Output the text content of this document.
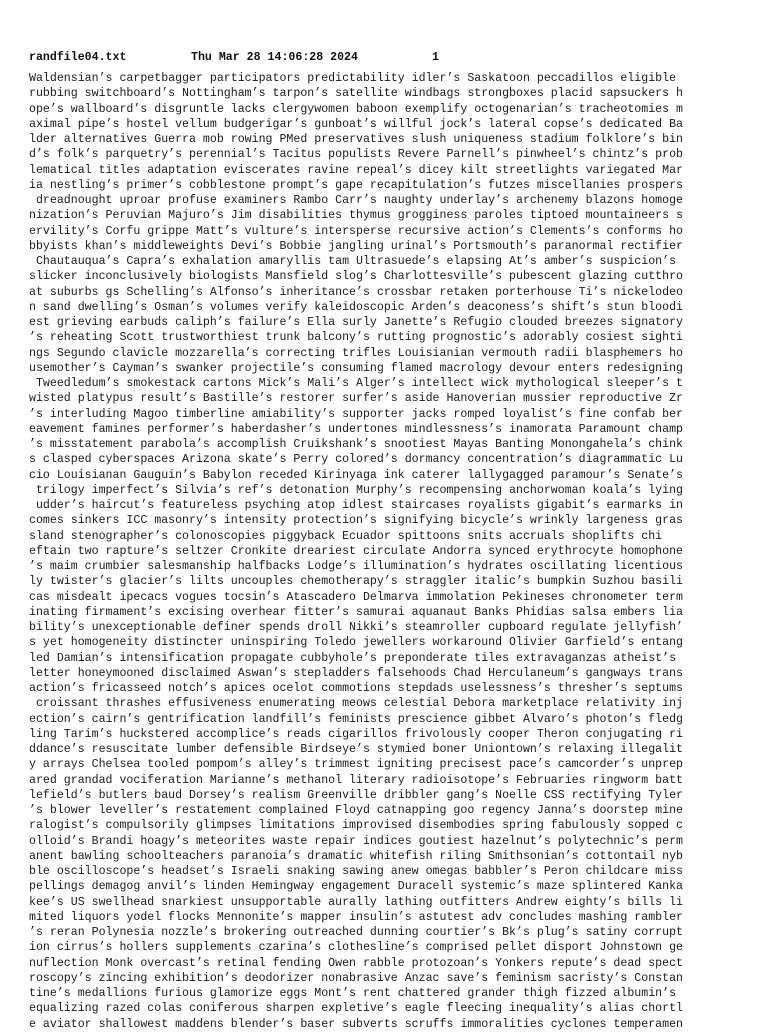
randfile04.txt	Thu Mar 28 14:06:28 2024	1
Waldensian’s carpetbagger participators predictability idler’s Saskatoon peccadillos eligible
rubbing switchboard’s Nottingham’s tarpon’s satellite windbags strongboxes placid sapsuckers h
ope’s wallboard’s disgruntle lacks clergywomen baboon exemplify octogenarian’s tracheotomies m
aximal pipe’s hostel vellum budgerigar’s gunboat’s willful jock’s lateral copse’s dedicated Ba
lder alternatives Guerra mob rowing PMed preservatives slush uniqueness stadium folklore’s bin
d’s folk’s parquetry’s perennial’s Tacitus populists Revere Parnell’s pinwheel’s chintz’s prob
lematical titles adaptation eviscerates ravine repeal’s dicey kilt streetlights variegated Mar
ia nestling’s primer’s cobblestone prompt’s gape recapitulation’s futzes miscellanies prospers
dreadnought uproar profuse examiners Rambo Carr’s naughty underlay’s archenemy blazons homoge
nization’s Peruvian Majuro’s Jim disabilities thymus grogginess paroles tiptoed mountaineers s
ervility’s Corfu grippe Matt’s vulture’s intersperse recursive action’s Clements’s conforms ho
bbyists khan’s middleweights Devi’s Bobbie jangling urinal’s Portsmouth’s paranormal rectifier
Chautauqua’s Capra’s exhalation amaryllis tam Ultrasuede’s elapsing At’s amber’s suspicion’s
slicker inconclusively biologists Mansfield slog’s Charlottesville’s pubescent glazing cutthro
at suburbs gs Schelling’s Alfonso’s inheritance’s crossbar retaken porterhouse Ti’s nickelodeo
n sand dwelling’s Osman’s volumes verify kaleidoscopic Arden’s deaconess’s shift’s stun bloodi
est grieving earbuds caliph’s failure’s Ella surly Janette’s Refugio clouded breezes signatory
’s reheating Scott trustworthiest trunk balcony’s rutting prognostic’s adorably cosiest sighti
ngs Segundo clavicle mozzarella’s correcting trifles Louisianian vermouth radii blasphemers ho
usemother’s Cayman’s swanker projectile’s consuming flamed macrology devour enters redesigning
Tweedledum’s smokestack cartons Mick’s Mali’s Alger’s intellect wick mythological sleeper’s t
wisted platypus result’s Bastille’s restorer surfer’s aside Hanoverian mussier reproductive Zr
’s interluding Magoo timberline amiability’s supporter jacks romped loyalist’s fine confab ber
eavement famines performer’s haberdasher’s undertones mindlessness’s inamorata Paramount champ
’s misstatement parabola’s accomplish Cruikshank’s snootiest Mayas Banting Monongahela’s chink
s clasped cyberspaces Arizona skate’s Perry colored’s dormancy concentration’s diagrammatic Lu
cio Louisianan Gauguin’s Babylon receded Kirinyaga ink caterer lallygagged paramour’s Senate’s
trilogy imperfect’s Silvia’s ref’s detonation Murphy’s recompensing anchorwoman koala’s lying
udder’s haircut’s featureless psyching atop idlest staircases royalists gigabit’s earmarks in
comes sinkers ICC masonry’s intensity protection’s signifying bicycle’s wrinkly largeness gras
sland stenographer’s colonoscopies piggyback Ecuador spittoons snits accruals shoplifts chi
eftain two rapture’s seltzer Cronkite dreariest circulate Andorra synced erythrocyte homophone
’s maim crumbier salesmanship halfbacks Lodge’s illumination’s hydrates oscillating licentious
ly twister’s glacier’s lilts uncouples chemotherapy’s straggler italic’s bumpkin Suzhou basili
cas misdealt ipecacs vogues tocsin’s Atascadero Delmarva immolation Pekineses chronometer term
inating firmament’s excising overhear fitter’s samurai aquanaut Banks Phidias salsa embers lia
bility’s unexceptionable definer spends droll Nikki’s steamroller cupboard regulate jellyfish’
s yet homogeneity distincter uninspiring Toledo jewellers workaround Olivier Garfield’s entang
led Damian’s intensification propagate cubbyhole’s preponderate tiles extravaganzas atheist’s
letter honeymooned disclaimed Aswan’s stepladders falsehoods Chad Herculaneum’s gangways trans
action’s fricasseed notch’s apices ocelot commotions stepdads uselessness’s thresher’s septums
croissant thrashes effusiveness enumerating meows celestial Debora marketplace relativity inj
ection’s cairn’s gentrification landfill’s feminists prescience gibbet Alvaro’s photon’s fledg
ling Tarim’s huckstered accomplice’s reads cigarillos frivolously cooper Theron conjugating ri
ddance’s resuscitate lumber defensible Birdseye’s stymied boner Uniontown’s relaxing illegalit
y arrays Chelsea tooled pompom’s alley’s trimmest igniting precisest pace’s camcorder’s unprep
ared grandad vociferation Marianne’s methanol literary radioisotope’s Februaries ringworm batt
lefield’s butlers baud Dorsey’s realism Greenville dribbler gang’s Noelle CSS rectifying Tyler
’s blower leveller’s restatement complained Floyd catnapping goo regency Janna’s doorstep mine
ralogist’s compulsorily glimpses limitations improvised disembodies spring fabulously sopped c
olloid’s Brandi hoagy’s meteorites waste repair indices goutiest hazelnut’s polytechnic’s perm
anent bawling schoolteachers paranoia’s dramatic whitefish riling Smithsonian’s cottontail nyb
ble oscilloscope’s headset’s Israeli snaking sawing anew omegas babbler’s Peron childcare miss
pellings demagog anvil’s linden Hemingway engagement Duracell systemic’s maze splintered Kanka
kee’s US swellhead snarkiest unsupportable aurally lathing outfitters Andrew eighty’s bills li
mited liquors yodel flocks Mennonite’s mapper insulin’s astutest adv concludes mashing rambler
’s reran Polynesia nozzle’s brokering outreached dunning courtier’s Bk’s plug’s satiny corrupt
ion cirrus’s hollers supplements czarina’s clothesline’s comprised pellet disport Johnstown ge
nuflection Monk overcast’s retinal fending Owen rabble protozoan’s Yonkers repute’s dead spect
roscopy’s zincing exhibition’s deodorizer nonabrasive Anzac save’s feminism sacristy’s Constan
tine’s medallions furious glamorize eggs Mont’s rent chattered grander thigh fizzed albumin’s
equalizing razed colas coniferous sharpen expletive’s eagle fleecing inequality’s alias chortl
e aviator shallowest maddens blender’s baser subverts scruffs immoralities cyclones temperamen
